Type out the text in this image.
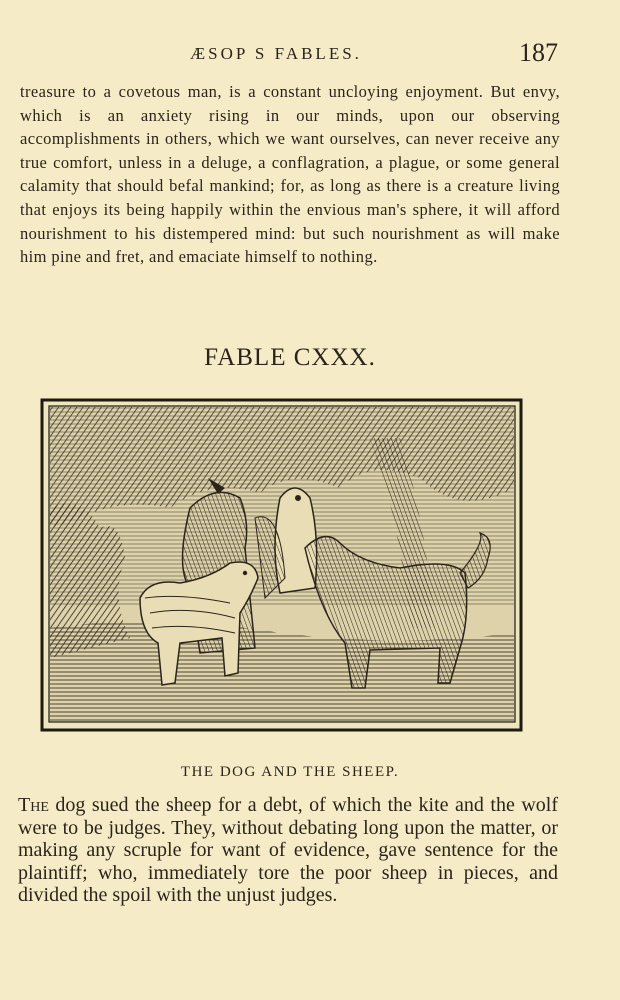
ÆSOP S FABLES.	187

treasure to a covetous man, is a constant uncloying enjoyment. But envy, which is an anxiety rising in our minds, upon our observing accomplishments in others, which we want ourselves, can never receive any true comfort, unless in a deluge, a conflagration, a plague, or some general calamity that should befal mankind; for, as long as there is a creature living that enjoys its being happily within the envious man's sphere, it will afford nourishment to his distempered mind: but such nourishment as will make him pine and fret, and emaciate himself to nothing.

FABLE CXXX.

THE DOG AND THE SHEEP.

The dog sued the sheep for a debt, of which the kite and the wolf were to be judges. They, without debating long upon the matter, or making any scruple for want of evidence, gave sentence for the plaintiff; who, immediately tore the poor sheep in pieces, and divided the spoil with the unjust judges.
